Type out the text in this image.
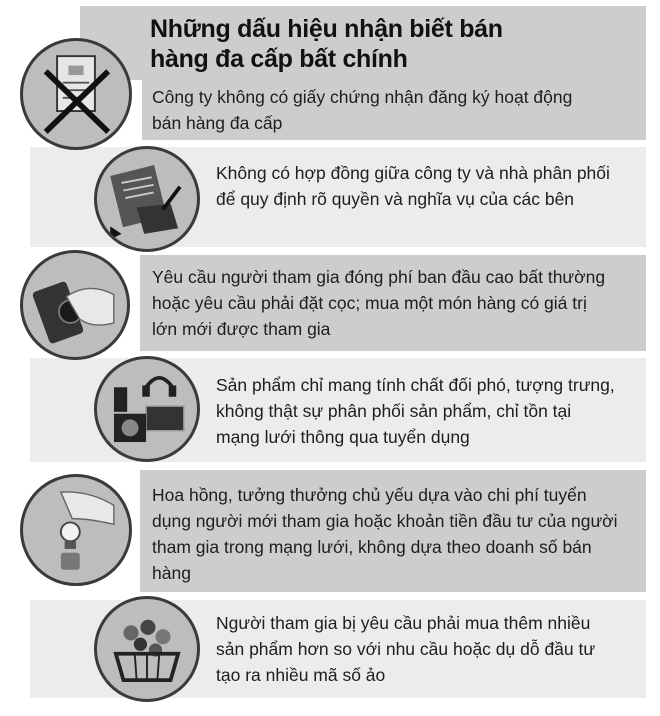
Những dấu hiệu nhận biết bán hàng đa cấp bất chính
Công ty không có giấy chứng nhận đăng ký hoạt động bán hàng đa cấp
Không có hợp đồng giữa công ty và nhà phân phối để quy định rõ quyền và nghĩa vụ của các bên
Yêu cầu người tham gia đóng phí ban đầu cao bất thường hoặc yêu cầu phải đặt cọc; mua một món hàng có giá trị lớn mới được tham gia
Sản phẩm chỉ mang tính chất đối phó, tượng trưng, không thật sự phân phối sản phẩm, chỉ tồn tại mạng lưới thông qua tuyển dụng
Hoa hồng, tưởng thưởng chủ yếu dựa vào chi phí tuyển dụng người mới tham gia hoặc khoản tiền đầu tư của người tham gia trong mạng lưới, không dựa theo doanh số bán hàng
Người tham gia bị yêu cầu phải mua thêm nhiều sản phẩm hơn so với nhu cầu hoặc dụ dỗ đầu tư tạo ra nhiều mã số ảo
